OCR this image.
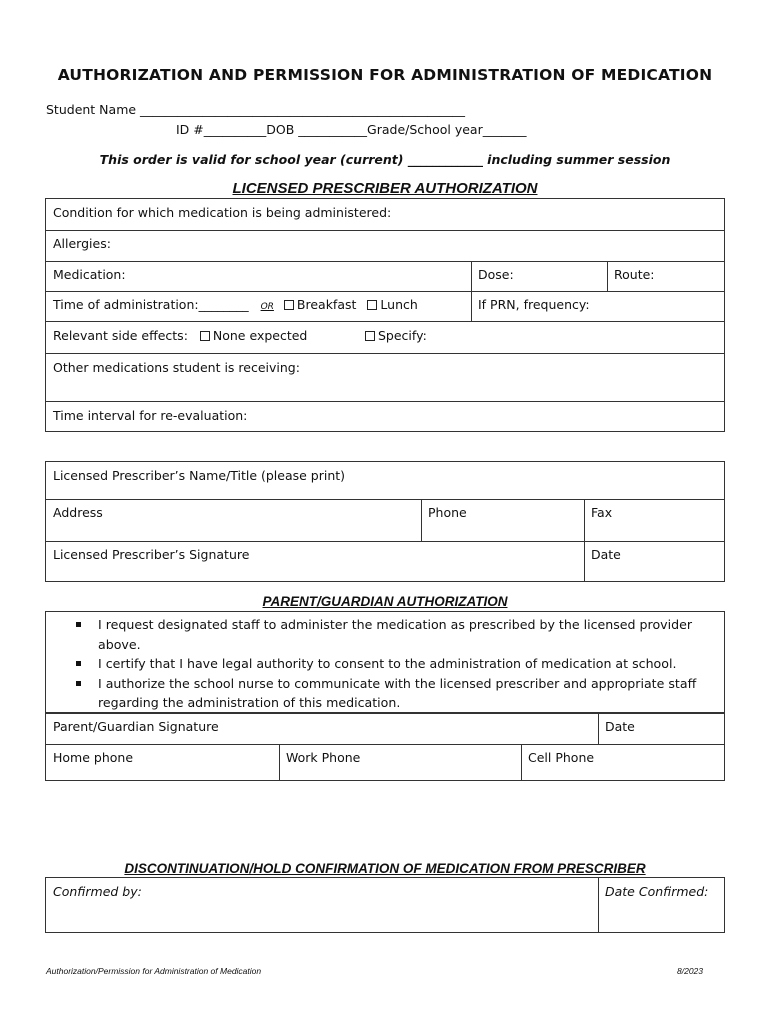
AUTHORIZATION AND PERMISSION FOR ADMINISTRATION OF MEDICATION
Student Name ____________________________________________________
ID #__________DOB ___________Grade/School year_______
This order is valid for school year (current) ____________ including summer session
LICENSED PRESCRIBER AUTHORIZATION
Condition for which medication is being administered:
Allergies:
Medication:	Dose:	Route:
Time of administration:________ OR Breakfast Lunch	If PRN, frequency:
Relevant side effects: None expected	Specify:
Other medications student is receiving:
Time interval for re-evaluation:
Licensed Prescriber’s Name/Title (please print)
Address	Phone	Fax
Licensed Prescriber’s Signature	Date
PARENT/GUARDIAN AUTHORIZATION
I request designated staff to administer the medication as prescribed by the licensed provider above.
I certify that I have legal authority to consent to the administration of medication at school.
I authorize the school nurse to communicate with the licensed prescriber and appropriate staff regarding the administration of this medication.
Parent/Guardian Signature	Date
Home phone	Work Phone	Cell Phone
DISCONTINUATION/HOLD CONFIRMATION OF MEDICATION FROM PRESCRIBER
Confirmed by:	Date Confirmed:
Authorization/Permission for Administration of Medication	8/2023
